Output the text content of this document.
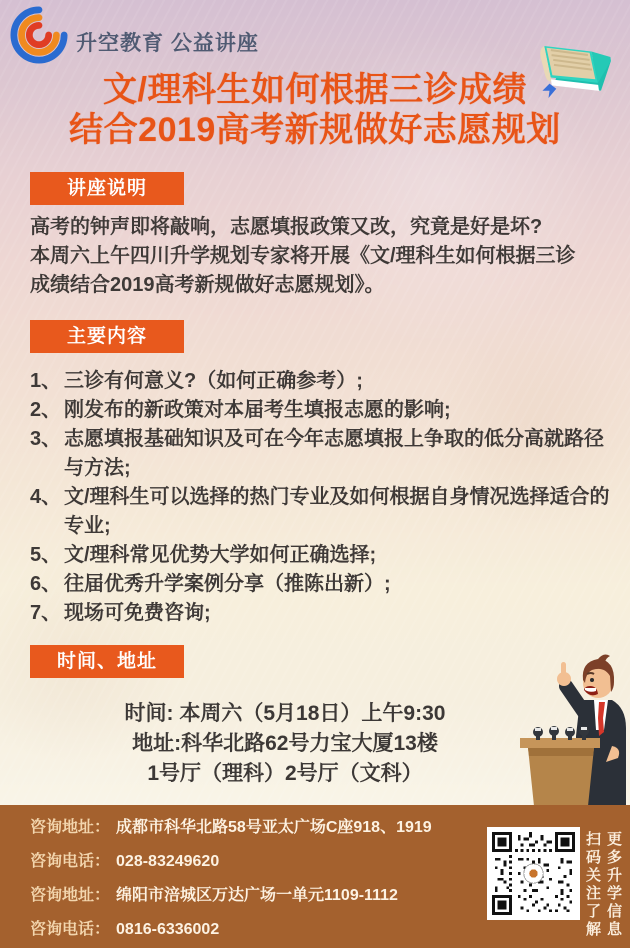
升空教育 公益讲座
文/理科生如何根据三诊成绩
结合2019高考新规做好志愿规划
讲座说明
高考的钟声即将敲响，志愿填报政策又改，究竟是好是坏?
本周六上午四川升学规划专家将开展《文/理科生如何根据三诊成绩结合2019高考新规做好志愿规划》。
主要内容
1、 三诊有何意义?（如何正确参考）;
2、 刚发布的新政策对本届考生填报志愿的影响;
3、 志愿填报基础知识及可在今年志愿填报上争取的低分高就路径与方法;
4、 文/理科生可以选择的热门专业及如何根据自身情况选择适合的专业;
5、 文/理科常见优势大学如何正确选择;
6、 往届优秀升学案例分享（推陈出新）;
7、 现场可免费咨询;
时间、地址
时间: 本周六（5月18日）上午9:30
地址:科华北路62号力宝大厦13楼
1号厅（理科）2号厅（文科）
咨询地址： 成都市科华北路58号亚太广场C座918、1919
咨询电话： 028-83249620
咨询地址： 绵阳市涪城区万达广场一单元1109-1112
咨询电话： 0816-6336002	扫码关注了解 更多升学信息
